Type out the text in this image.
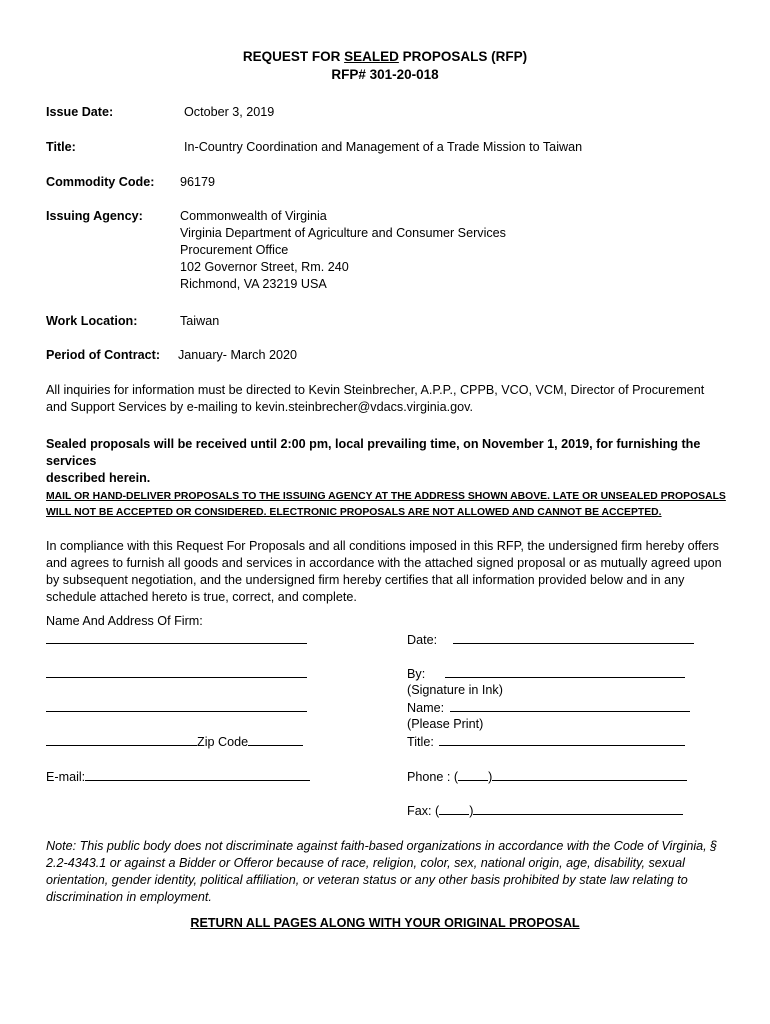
REQUEST FOR SEALED PROPOSALS (RFP)
RFP# 301-20-018
Issue Date:	October 3, 2019
Title:	In-Country Coordination and Management of a Trade Mission to Taiwan
Commodity Code: 96179
Issuing Agency:	Commonwealth of Virginia
Virginia Department of Agriculture and Consumer Services
Procurement Office
102 Governor Street, Rm. 240
Richmond, VA 23219 USA
Work Location:	Taiwan
Period of Contract: January- March 2020
All inquiries for information must be directed to Kevin Steinbrecher, A.P.P., CPPB, VCO, VCM, Director of Procurement
and Support Services by e-mailing to kevin.steinbrecher@vdacs.virginia.gov.
Sealed proposals will be received until 2:00 pm, local prevailing time, on November 1, 2019, for furnishing the services
described herein.
MAIL OR HAND-DELIVER PROPOSALS TO THE ISSUING AGENCY AT THE ADDRESS SHOWN ABOVE. LATE OR UNSEALED PROPOSALS
WILL NOT BE ACCEPTED OR CONSIDERED. ELECTRONIC PROPOSALS ARE NOT ALLOWED AND CANNOT BE ACCEPTED.
In compliance with this Request For Proposals and all conditions imposed in this RFP, the undersigned firm hereby offers
and agrees to furnish all goods and services in accordance with the attached signed proposal or as mutually agreed upon
by subsequent negotiation, and the undersigned firm hereby certifies that all information provided below and in any
schedule attached hereto is true, correct, and complete.
Name And Address Of Firm:
Zip Code
E-mail:
Date:
By:
(Signature in Ink)
Name:
(Please Print)
Title:
Phone : ( )
Fax: ( )
Note: This public body does not discriminate against faith-based organizations in accordance with the Code of Virginia, §
2.2-4343.1 or against a Bidder or Offeror because of race, religion, color, sex, national origin, age, disability, sexual
orientation, gender identity, political affiliation, or veteran status or any other basis prohibited by state law relating to
discrimination in employment.
RETURN ALL PAGES ALONG WITH YOUR ORIGINAL PROPOSAL
